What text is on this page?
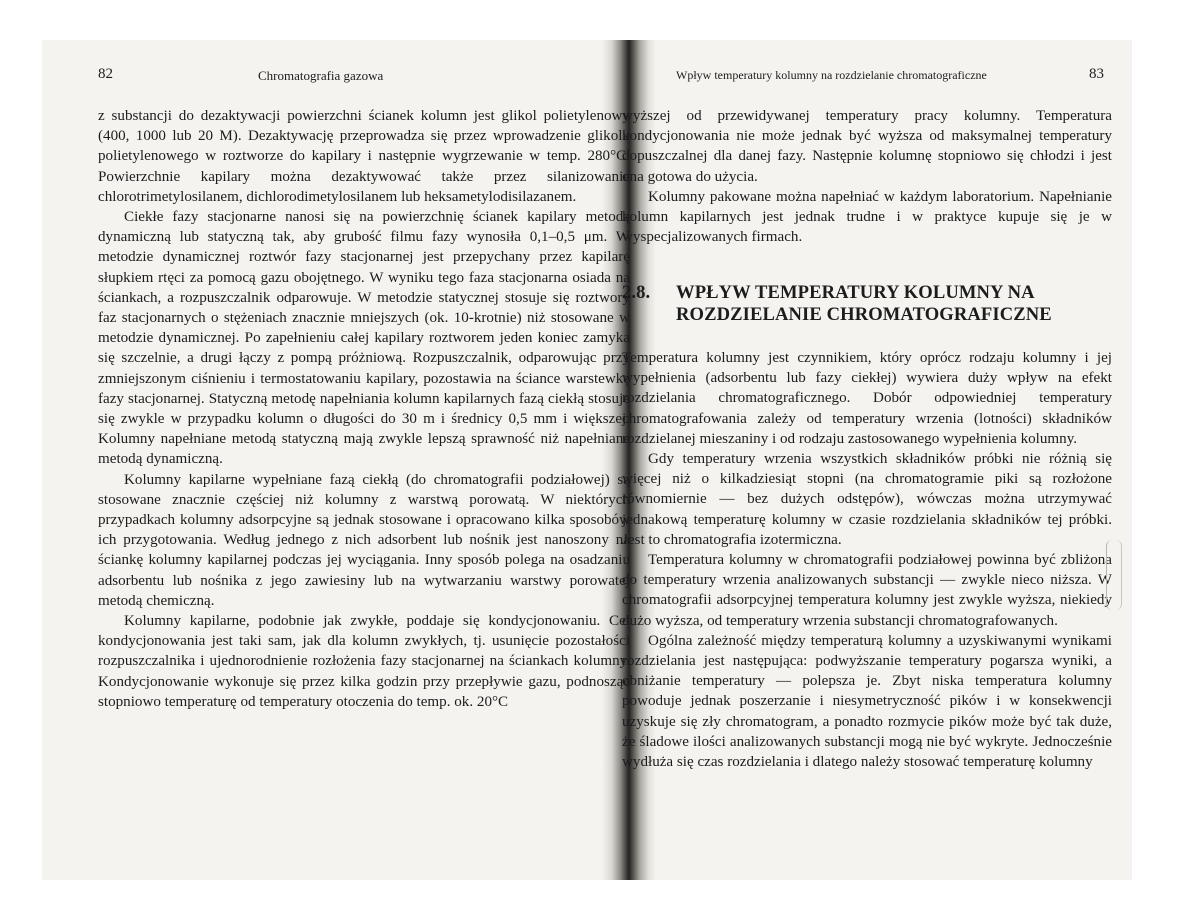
82	Chromatografia gazowa

z substancji do dezaktywacji powierzchni ścianek kolumn jest glikol polietylenowy (400, 1000 lub 20 M). Dezaktywację przeprowadza się przez wprowadzenie glikolu polietylenowego w roztworze do kapilary i następnie wygrzewanie w temp. 280°C. Powierzchnie kapilary można dezaktywować także przez silanizowanie chlorotrimetylosilanem, dichlorodimetylosilanem lub heksametylodisilazanem.

Ciekłe fazy stacjonarne nanosi się na powierzchnię ścianek kapilary metodą dynamiczną lub statyczną tak, aby grubość filmu fazy wynosiła 0,1–0,5 μm. W metodzie dynamicznej roztwór fazy stacjonarnej jest przepychany przez kapilarę słupkiem rtęci za pomocą gazu obojętnego. W wyniku tego faza stacjonarna osiada na ściankach, a rozpuszczalnik odparowuje. W metodzie statycznej stosuje się roztwory faz stacjonarnych o stężeniach znacznie mniejszych (ok. 10-krotnie) niż stosowane w metodzie dynamicznej. Po zapełnieniu całej kapilary roztworem jeden koniec zamyka się szczelnie, a drugi łączy z pompą próżniową. Rozpuszczalnik, odparowując przy zmniejszonym ciśnieniu i termostatowaniu kapilary, pozostawia na ściance warstewkę fazy stacjonarnej. Statyczną metodę napełniania kolumn kapilarnych fazą ciekłą stosuje się zwykle w przypadku kolumn o długości do 30 m i średnicy 0,5 mm i większej. Kolumny napełniane metodą statyczną mają zwykle lepszą sprawność niż napełniane metodą dynamiczną.

Kolumny kapilarne wypełniane fazą ciekłą (do chromatografii podziałowej) są stosowane znacznie częściej niż kolumny z warstwą porowatą. W niektórych przypadkach kolumny adsorpcyjne są jednak stosowane i opracowano kilka sposobów ich przygotowania. Według jednego z nich adsorbent lub nośnik jest nanoszony na ściankę kolumny kapilarnej podczas jej wyciągania. Inny sposób polega na osadzaniu adsorbentu lub nośnika z jego zawiesiny lub na wytwarzaniu warstwy porowatej metodą chemiczną.

Kolumny kapilarne, podobnie jak zwykłe, poddaje się kondycjonowaniu. Cel kondycjonowania jest taki sam, jak dla kolumn zwykłych, tj. usunięcie pozostałości rozpuszczalnika i ujednorodnienie rozłożenia fazy stacjonarnej na ściankach kolumny. Kondycjonowanie wykonuje się przez kilka godzin przy przepływie gazu, podnosząc stopniowo temperaturę od temperatury otoczenia do temp. ok. 20°C

Wpływ temperatury kolumny na rozdzielanie chromatograficzne	83

wyższej od przewidywanej temperatury pracy kolumny. Temperatura kondycjonowania nie może jednak być wyższa od maksymalnej temperatury dopuszczalnej dla danej fazy. Następnie kolumnę stopniowo się chłodzi i jest ona gotowa do użycia.

Kolumny pakowane można napełniać w każdym laboratorium. Napełnianie kolumn kapilarnych jest jednak trudne i w praktyce kupuje się je w wyspecjalizowanych firmach.

2.8. WPŁYW TEMPERATURY KOLUMNY NA ROZDZIELANIE CHROMATOGRAFICZNE

Temperatura kolumny jest czynnikiem, który oprócz rodzaju kolumny i jej wypełnienia (adsorbentu lub fazy ciekłej) wywiera duży wpływ na efekt rozdzielania chromatograficznego. Dobór odpowiedniej temperatury chromatografowania zależy od temperatury wrzenia (lotności) składników rozdzielanej mieszaniny i od rodzaju zastosowanego wypełnienia kolumny.

Gdy temperatury wrzenia wszystkich składników próbki nie różnią się więcej niż o kilkadziesiąt stopni (na chromatogramie piki są rozłożone równomiernie — bez dużych odstępów), wówczas można utrzymywać jednakową temperaturę kolumny w czasie rozdzielania składników tej próbki. Jest to chromatografia izotermiczna.

Temperatura kolumny w chromatografii podziałowej powinna być zbliżona do temperatury wrzenia analizowanych substancji — zwykle nieco niższa. W chromatografii adsorpcyjnej temperatura kolumny jest zwykle wyższa, niekiedy dużo wyższa, od temperatury wrzenia substancji chromatografowanych.

Ogólna zależność między temperaturą kolumny a uzyskiwanymi wynikami rozdzielania jest następująca: podwyższanie temperatury pogarsza wyniki, a obniżanie temperatury — polepsza je. Zbyt niska temperatura kolumny powoduje jednak poszerzanie i niesymetryczność pików i w konsekwencji uzyskuje się zły chromatogram, a ponadto rozmycie pików może być tak duże, że śladowe ilości analizowanych substancji mogą nie być wykryte. Jednocześnie wydłuża się czas rozdzielania i dlatego należy stosować temperaturę kolumny
